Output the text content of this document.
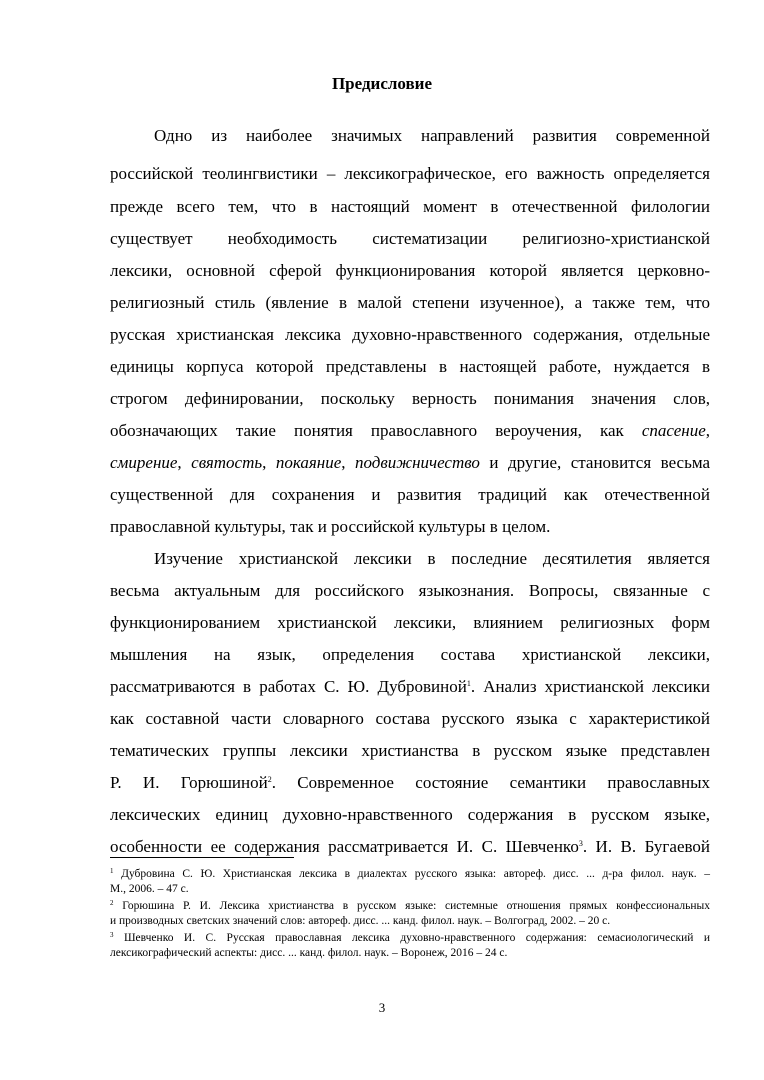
Предисловие
Одно из наиболее значимых направлений развития современной
российской теолингвистики – лексикографическое, его важность определяется
прежде всего тем, что в настоящий момент в отечественной филологии
существует необходимость систематизации религиозно-христианской
лексики, основной сферой функционирования которой является церковно-
религиозный стиль (явление в малой степени изученное), а также тем, что
русская христианская лексика духовно-нравственного содержания, отдельные
единицы корпуса которой представлены в настоящей работе, нуждается в
строгом дефинировании, поскольку верность понимания значения слов,
обозначающих такие понятия православного вероучения, как спасение,
смирение, святость, покаяние, подвижничество и другие, становится весьма
существенной для сохранения и развития традиций как отечественной
православной культуры, так и российской культуры в целом.
Изучение христианской лексики в последние десятилетия является
весьма актуальным для российского языкознания. Вопросы, связанные с
функционированием христианской лексики, влиянием религиозных форм
мышления на язык, определения состава христианской лексики,
рассматриваются в работах С. Ю. Дубровиной$^1$. Анализ христианской лексики
как составной части словарного состава русского языка с характеристикой
тематических группы лексики христианства в русском языке представлен
Р. И. Горюшиной$^2$. Современное состояние семантики православных
лексических единиц духовно-нравственного содержания в русском языке,
особенности ее содержания рассматривается И. С. Шевченко$^3$. И. В. Бугаевой
$^1$ Дубровина С. Ю. Христианская лексика в диалектах русского языка: автореф. дисс. ... д-ра филол. наук. –
М., 2006. – 47 с.
$^2$ Горюшина Р. И. Лексика христианства в русском языке: системные отношения прямых конфессиональных
и производных светских значений слов: автореф. дисс. ... канд. филол. наук. – Волгоград, 2002. – 20 с.
$^3$ Шевченко И. С. Русская православная лексика духовно-нравственного содержания: семасиологический и
лексикографический аспекты: дисс. ... канд. филол. наук. – Воронеж, 2016 – 24 с.
3
